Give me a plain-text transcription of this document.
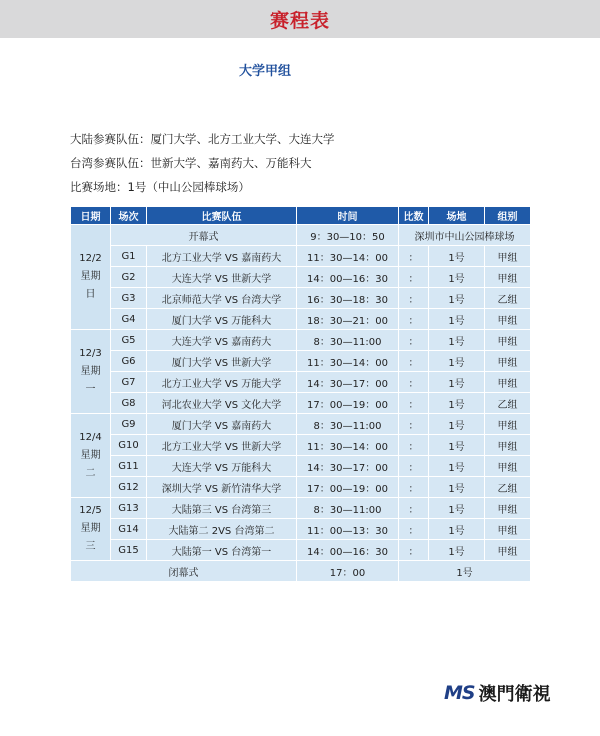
赛程表
大学甲组
大陆参赛队伍：厦门大学、北方工业大学、大连大学
台湾参赛队伍：世新大学、嘉南药大、万能科大
比赛场地：1号（中山公园棒球场）
日期	场次	比赛队伍	时间	比数	场地	组别

12/2
星期
日	开幕式		9：30—10：50	深圳市中山公园棒球场		
	G1	北方工业大学 VS 嘉南药大	11：30—14：00	：	1号	甲组
	G2	大连大学 VS 世新大学	14：00—16：30	：	1号	甲组
	G3	北京师范大学 VS 台湾大学	16：30—18：30	：	1号	乙组
	G4	厦门大学 VS 万能科大	18：30—21：00	：	1号	甲组

12/3
星期
一	G5	大连大学 VS 嘉南药大	8：30—11:00	：	1号	甲组
	G6	厦门大学 VS 世新大学	11：30—14：00	：	1号	甲组
	G7	北方工业大学 VS 万能大学	14：30—17：00	：	1号	甲组
	G8	河北农业大学 VS 文化大学	17：00—19：00	：	1号	乙组

12/4
星期
二	G9	厦门大学 VS 嘉南药大	8：30—11:00	：	1号	甲组
	G10	北方工业大学 VS 世新大学	11：30—14：00	：	1号	甲组
	G11	大连大学 VS 万能科大	14：30—17：00	：	1号	甲组
	G12	深圳大学 VS 新竹清华大学	17：00—19：00	：	1号	乙组

12/5
星期
三	G13	大陆第三 VS 台湾第三	8：30—11:00	：	1号	甲组
	G14	大陆第二 2VS 台湾第二	11：00—13：30	：	1号	甲组
	G15	大陆第一 VS 台湾第一	14：00—16：30	：	1号	甲组
闭幕式			17：00	1号		
MS 澳門衛視
